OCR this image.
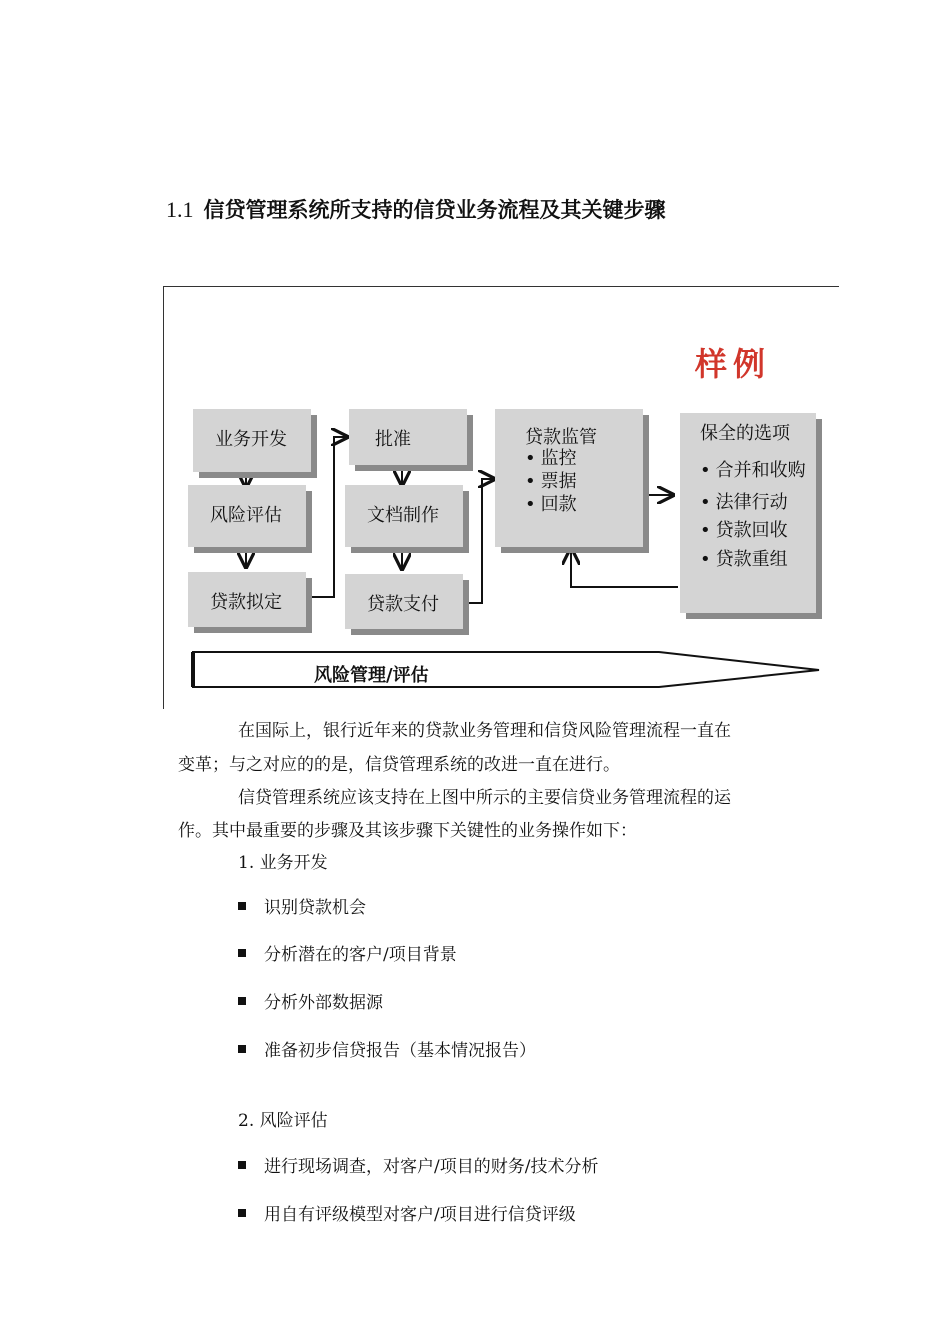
1.1 信贷管理系统所支持的信贷业务流程及其关键步骤
样例
业务开发
风险评估
贷款拟定
批准
文档制作
贷款支付
贷款监管
• 监控
• 票据
• 回款
保全的选项
• 合并和收购
• 法律行动
• 贷款回收
• 贷款重组
风险管理/评估
在国际上，银行近年来的贷款业务管理和信贷风险管理流程一直在
变革；与之对应的的是，信贷管理系统的改进一直在进行。
信贷管理系统应该支持在上图中所示的主要信贷业务管理流程的运
作。其中最重要的步骤及其该步骤下关键性的业务操作如下：
1. 业务开发
识别贷款机会
分析潜在的客户/项目背景
分析外部数据源
准备初步信贷报告（基本情况报告）
2. 风险评估
进行现场调查，对客户/项目的财务/技术分析
用自有评级模型对客户/项目进行信贷评级
